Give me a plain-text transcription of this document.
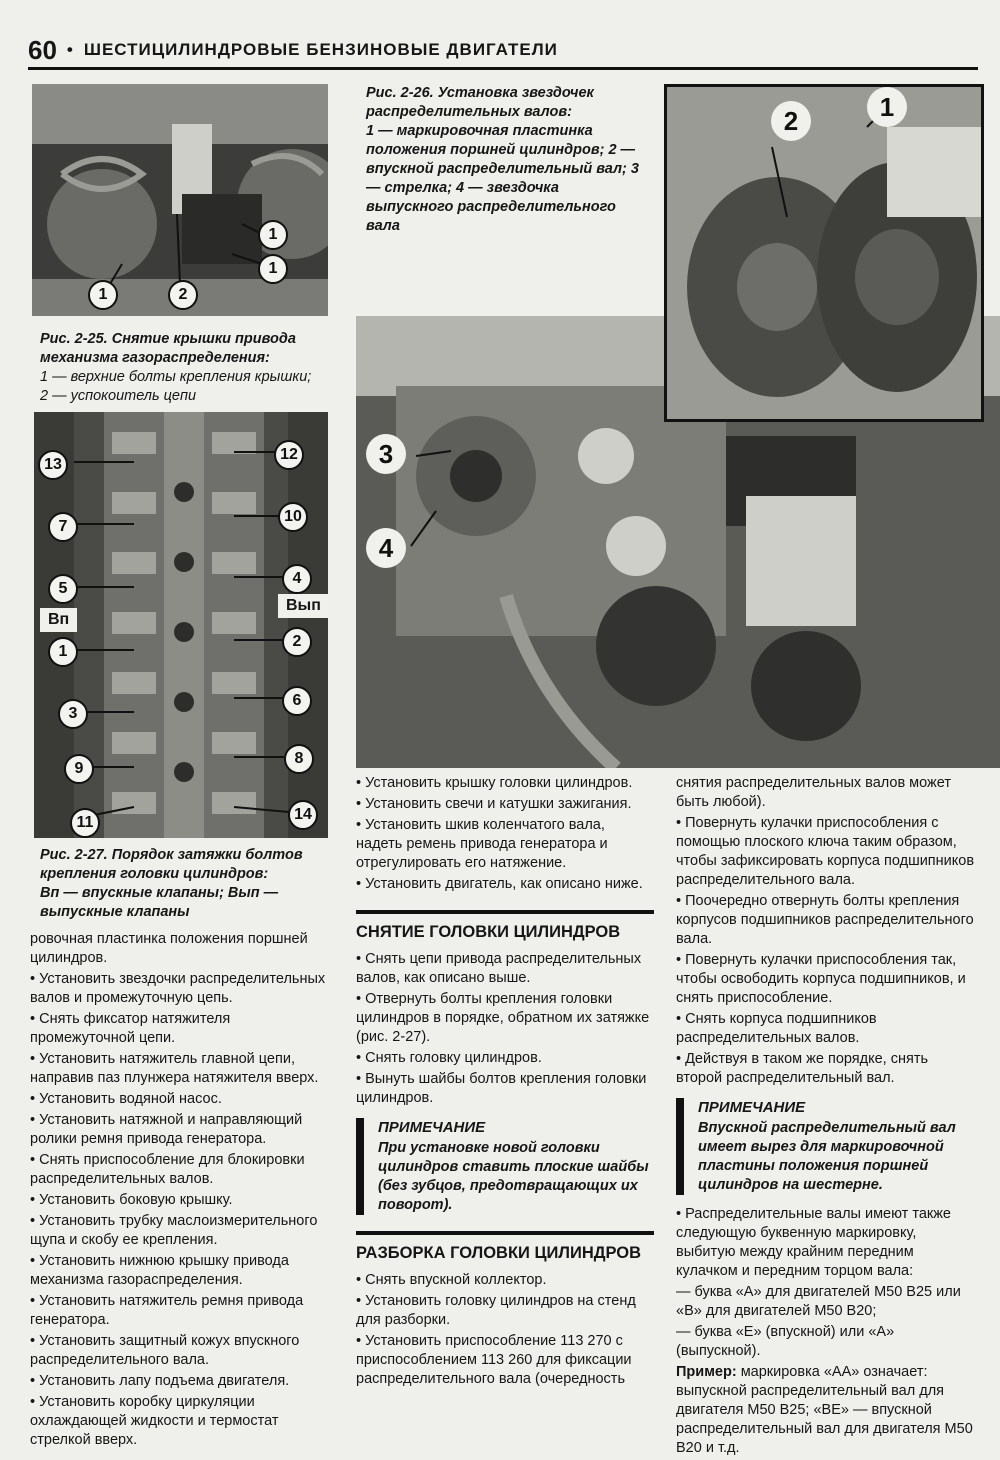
60 • ШЕСТИЦИЛИНДРОВЫЕ БЕНЗИНОВЫЕ ДВИГАТЕЛИ
1
1
1	2
Рис. 2-25. Снятие крышки привода механизма газораспределения:
1 — верхние болты крепления крышки; 2 — успокоитель цепи
13
7
5
1
3
9
11
12
10
4
2
6
8
14
Вп
Вып
Рис. 2-27. Порядок затяжки болтов крепления головки цилиндров:
Вп — впускные клапаны; Вып — выпускные клапаны
Рис. 2-26. Установка звездочек распределительных валов:
1 — маркировочная пластинка положения поршней цилиндров; 2 — впускной распределительный вал; 3 — стрелка; 4 — звездочка выпускного распределительного вала
3
4
2	1

ровочная пластинка положения поршней цилиндров.

• Установить звездочки распределительных валов и промежуточную цепь.

• Снять фиксатор натяжителя промежуточной цепи.

• Установить натяжитель главной цепи, направив паз плунжера натяжителя вверх.

• Установить водяной насос.

• Установить натяжной и направляющий ролики ремня привода генератора.

• Снять приспособление для блокировки распределительных валов.

• Установить боковую крышку.

• Установить трубку маслоизмерительного щупа и скобу ее крепления.

• Установить нижнюю крышку привода механизма газораспределения.

• Установить натяжитель ремня привода генератора.

• Установить защитный кожух впускного распределительного вала.

• Установить лапу подъема двигателя.

• Установить коробку циркуляции охлаждающей жидкости и термостат стрелкой вверх.

• Установить крышку головки цилиндров.

• Установить свечи и катушки зажигания.

• Установить шкив коленчатого вала, надеть ремень привода генератора и отрегулировать его натяжение.

• Установить двигатель, как описано ниже.

СНЯТИЕ ГОЛОВКИ ЦИЛИНДРОВ

• Снять цепи привода распределительных валов, как описано выше.

• Отвернуть болты крепления головки цилиндров в порядке, обратном их затяжке (рис. 2-27).

• Снять головку цилиндров.

• Вынуть шайбы болтов крепления головки цилиндров.

ПРИМЕЧАНИЕ
При установке новой головки цилиндров ставить плоские шайбы (без зубцов, предотвращающих их поворот).
РАЗБОРКА ГОЛОВКИ ЦИЛИНДРОВ

• Снять впускной коллектор.

• Установить головку цилиндров на стенд для разборки.

• Установить приспособление 113 270 с приспособлением 113 260 для фиксации распределительного вала (очередность

снятия распределительных валов может быть любой).

• Повернуть кулачки приспособления с помощью плоского ключа таким образом, чтобы зафиксировать корпуса подшипников распределительного вала.

• Поочередно отвернуть болты крепления корпусов подшипников распределительного вала.

• Повернуть кулачки приспособления так, чтобы освободить корпуса подшипников, и снять приспособление.

• Снять корпуса подшипников распределительных валов.

• Действуя в таком же порядке, снять второй распределительный вал.

ПРИМЕЧАНИЕ
Впускной распределительный вал имеет вырез для маркировочной пластины положения поршней цилиндров на шестерне.

• Распределительные валы имеют также следующую буквенную маркировку, выбитую между крайним передним кулачком и передним торцом вала:

— буква «А» для двигателей M50 B25 или «B» для двигателей M50 B20;

— буква «E» (впускной) или «A» (выпускной).

Пример: маркировка «AA» означает: выпускной распределительный вал для двигателя M50 B25; «BE» — впускной распределительный вал для двигателя M50 B20 и т.д.
